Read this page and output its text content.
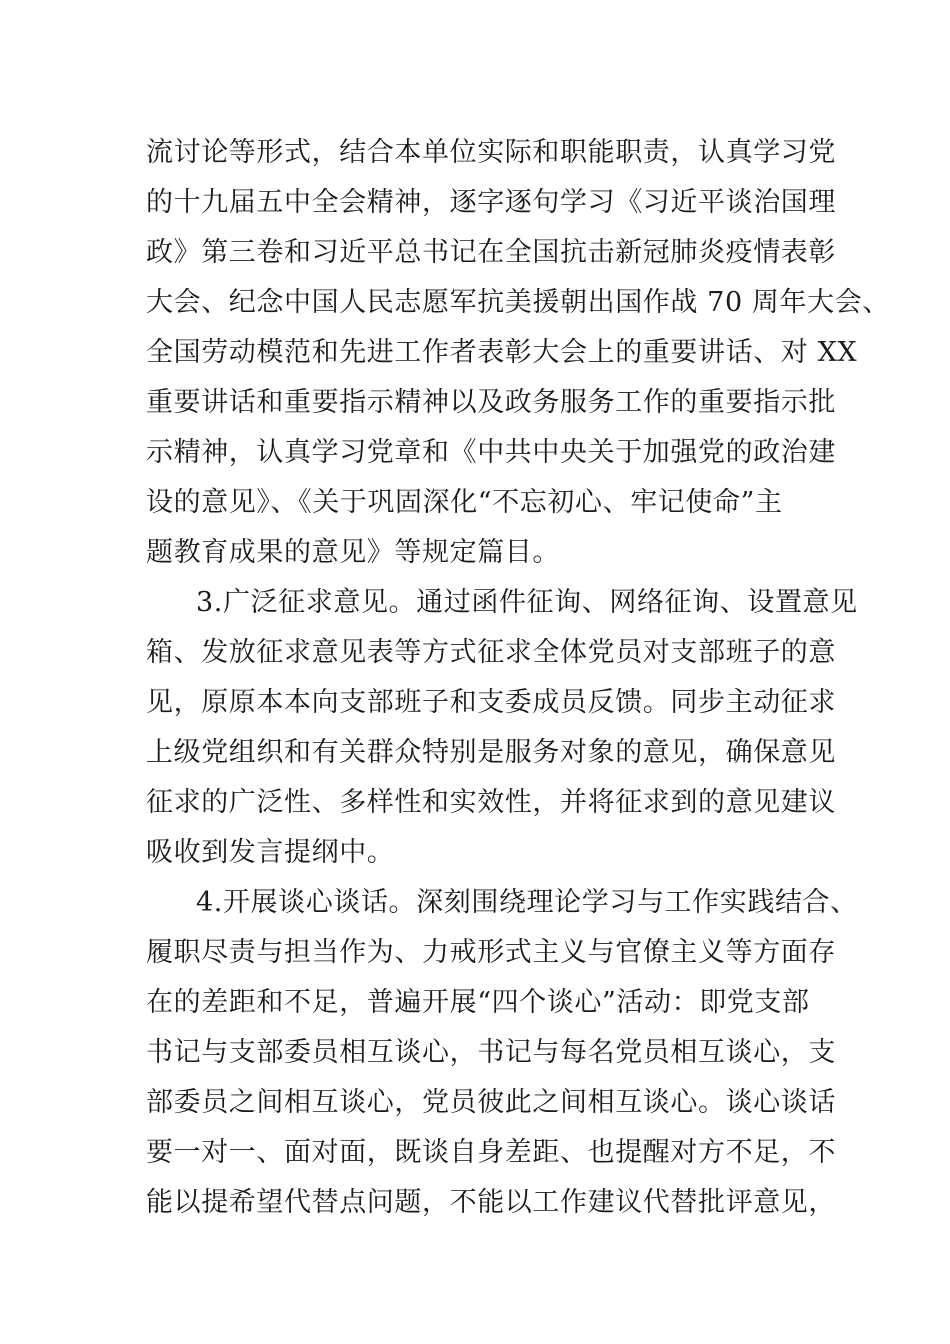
流讨论等形式，结合本单位实际和职能职责，认真学习党
的十九届五中全会精神，逐字逐句学习《习近平谈治国理
政》第三卷和习近平总书记在全国抗击新冠肺炎疫情表彰
大会、纪念中国人民志愿军抗美援朝出国作战 70 周年大会、
全国劳动模范和先进工作者表彰大会上的重要讲话、对 XX
重要讲话和重要指示精神以及政务服务工作的重要指示批
示精神，认真学习党章和《中共中央关于加强党的政治建
设的意见》、《关于巩固深化“不忘初心、牢记使命”主
题教育成果的意见》等规定篇目。
3.广泛征求意见。通过函件征询、网络征询、设置意见
箱、发放征求意见表等方式征求全体党员对支部班子的意
见，原原本本向支部班子和支委成员反馈。同步主动征求
上级党组织和有关群众特别是服务对象的意见，确保意见
征求的广泛性、多样性和实效性，并将征求到的意见建议
吸收到发言提纲中。
4.开展谈心谈话。深刻围绕理论学习与工作实践结合、
履职尽责与担当作为、力戒形式主义与官僚主义等方面存
在的差距和不足，普遍开展“四个谈心”活动：即党支部
书记与支部委员相互谈心，书记与每名党员相互谈心，支
部委员之间相互谈心，党员彼此之间相互谈心。谈心谈话
要一对一、面对面，既谈自身差距、也提醒对方不足，不
能以提希望代替点问题，不能以工作建议代替批评意见，
